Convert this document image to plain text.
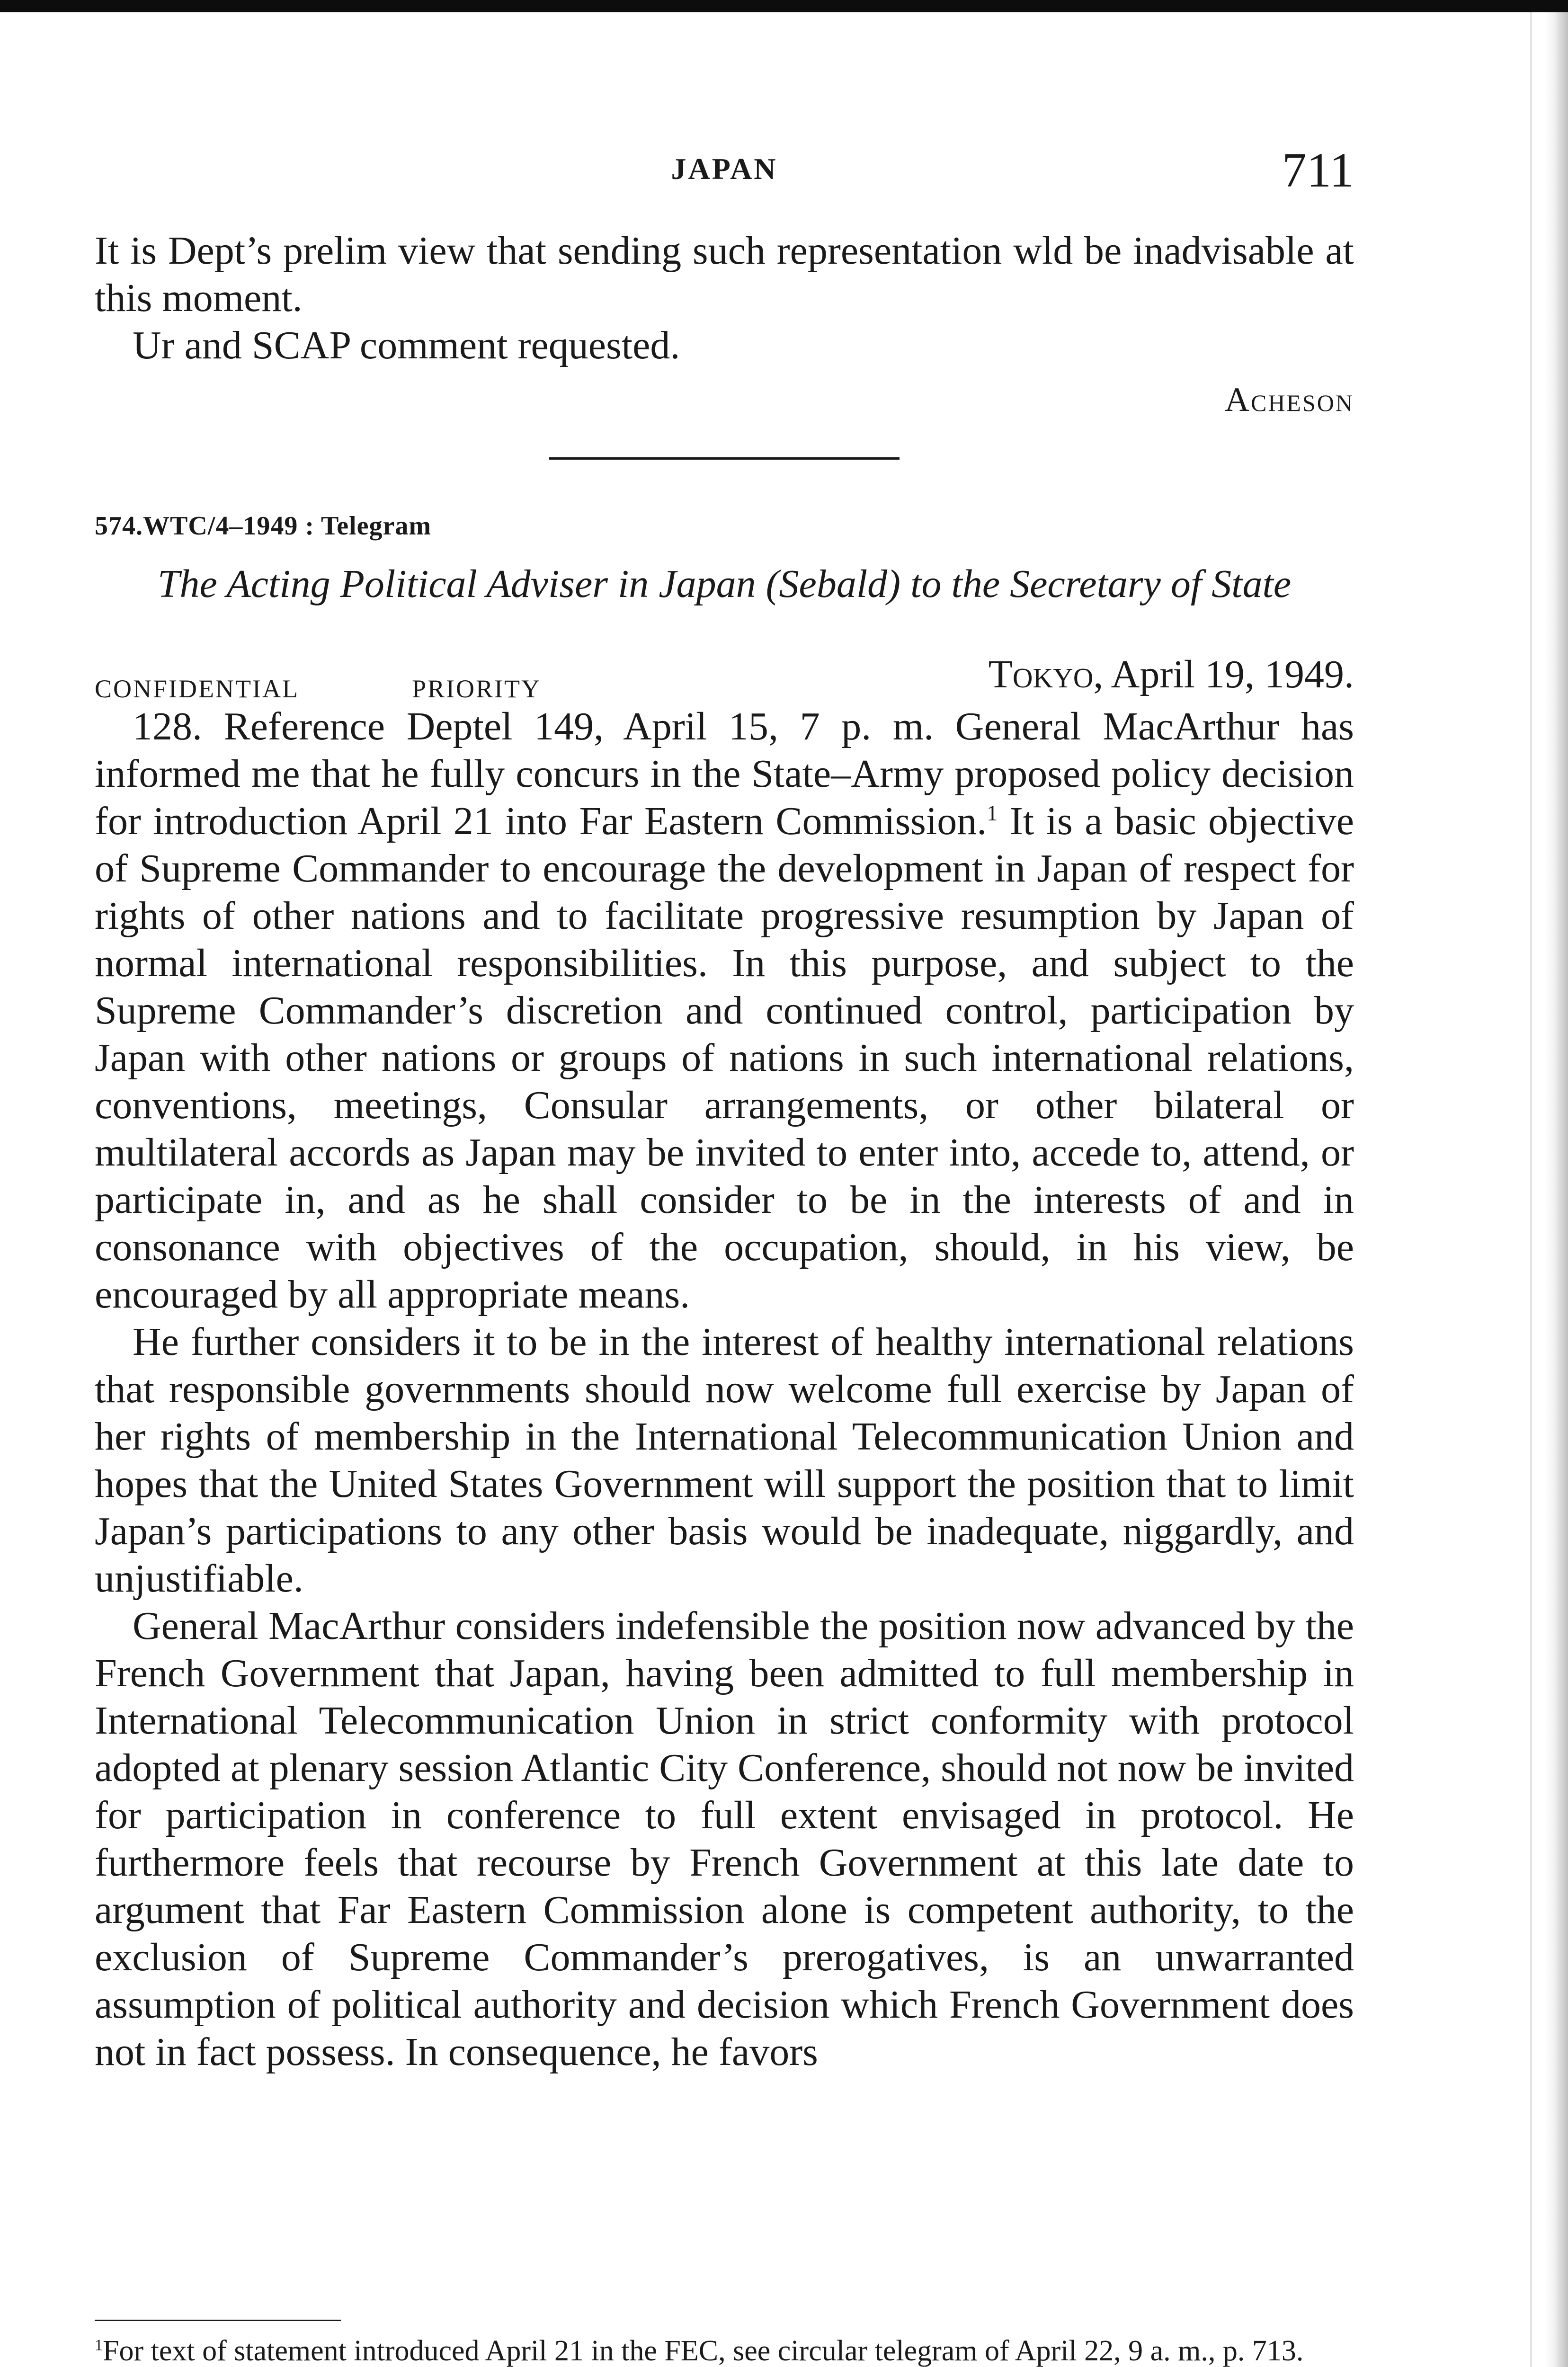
JAPAN	711

It is Dept’s prelim view that sending such representation wld be inadvisable at this moment.

Ur and SCAP comment requested.

Acheson
574.WTC/4–1949 : Telegram
The Acting Political Adviser in Japan (Sebald) to the Secretary of State
CONFIDENTIAL	PRIORITY	Tokyo, April 19, 1949.

128. Reference Deptel 149, April 15, 7 p. m. General MacArthur has informed me that he fully concurs in the State–Army proposed policy decision for introduction April 21 into Far Eastern Commission.$^1$ It is a basic objective of Supreme Commander to encourage the development in Japan of respect for rights of other nations and to facilitate progressive resumption by Japan of normal international responsibilities. In this purpose, and subject to the Supreme Commander’s discretion and continued control, participation by Japan with other nations or groups of nations in such international relations, conventions, meetings, Consular arrangements, or other bilateral or multilateral accords as Japan may be invited to enter into, accede to, attend, or participate in, and as he shall consider to be in the interests of and in consonance with objectives of the occupation, should, in his view, be encouraged by all appropriate means.

He further considers it to be in the interest of healthy international relations that responsible governments should now welcome full exercise by Japan of her rights of membership in the International Telecommunication Union and hopes that the United States Government will support the position that to limit Japan’s participations to any other basis would be inadequate, niggardly, and unjustifiable.

General MacArthur considers indefensible the position now advanced by the French Government that Japan, having been admitted to full membership in International Telecommunication Union in strict conformity with protocol adopted at plenary session Atlantic City Conference, should not now be invited for participation in conference to full extent envisaged in protocol. He furthermore feels that recourse by French Government at this late date to argument that Far Eastern Commission alone is competent authority, to the exclusion of Supreme Commander’s prerogatives, is an unwarranted assumption of political authority and decision which French Government does not in fact possess. In consequence, he favors

$^1$For text of statement introduced April 21 in the FEC, see circular telegram of April 22, 9 a. m., p. 713.
